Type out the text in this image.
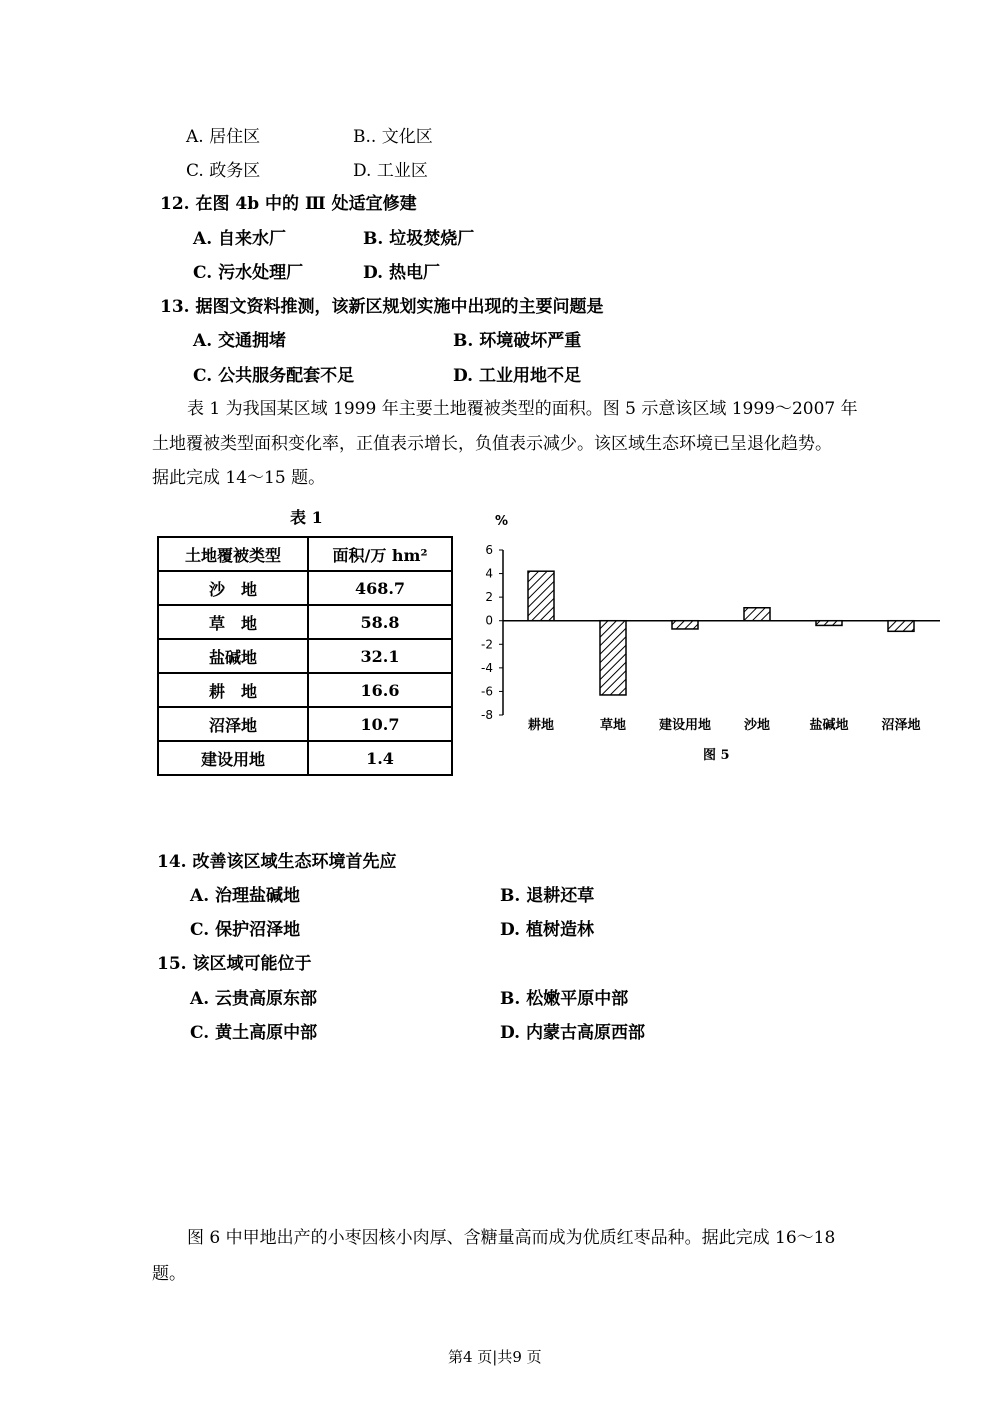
A. 居住区	B.. 文化区
C. 政务区	D. 工业区
12. 在图 4b 中的 Ⅲ 处适宜修建
A. 自来水厂	B. 垃圾焚烧厂
C. 污水处理厂	D. 热电厂
13. 据图文资料推测，该新区规划实施中出现的主要问题是
A. 交通拥堵	B. 环境破坏严重
C. 公共服务配套不足	D. 工业用地不足
表 1 为我国某区域 1999 年主要土地覆被类型的面积。图 5 示意该区域 1999～2007 年
土地覆被类型面积变化率，正值表示增长，负值表示减少。该区域生态环境已呈退化趋势。
据此完成 14～15 题。
表 1
土地覆被类型	面积/万 hm²
沙　地	468.7
草　地	58.8
盐碱地	32.1
耕　地	16.6
沼泽地	10.7
建设用地	1.4
%
6
4
2
0
-2
-4
-6
-8
耕地	草地	建设用地	沙地	盐碱地	沼泽地
图 5
14. 改善该区域生态环境首先应
A. 治理盐碱地	B. 退耕还草
C. 保护沼泽地	D. 植树造林
15. 该区域可能位于
A. 云贵高原东部	B. 松嫩平原中部
C. 黄土高原中部	D. 内蒙古高原西部
图 6 中甲地出产的小枣因核小肉厚、含糖量高而成为优质红枣品种。据此完成 16～18
题。
第4 页|共9 页
